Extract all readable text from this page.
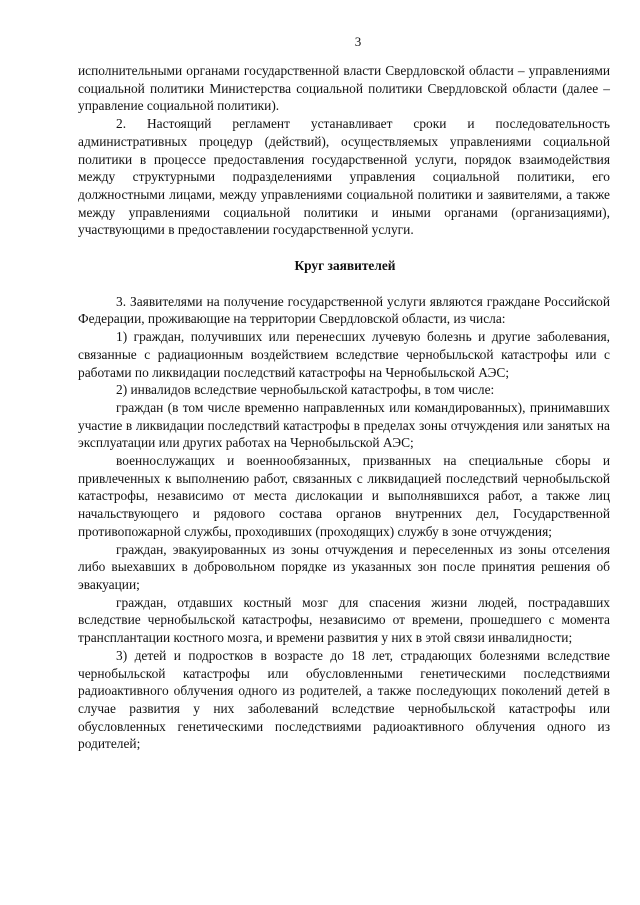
3

исполнительными органами государственной власти Свердловской области – управлениями социальной политики Министерства социальной политики Свердловской области (далее – управление социальной политики).

2. Настоящий регламент устанавливает сроки и последовательность административных процедур (действий), осуществляемых управлениями социальной политики в процессе предоставления государственной услуги, порядок взаимодействия между структурными подразделениями управления социальной политики, его должностными лицами, между управлениями социальной политики и заявителями, а также между управлениями социальной политики и иными органами (организациями), участвующими в предоставлении государственной услуги.

Круг заявителей

3. Заявителями на получение государственной услуги являются граждане Российской Федерации, проживающие на территории Свердловской области, из числа:

1) граждан, получивших или перенесших лучевую болезнь и другие заболевания, связанные с радиационным воздействием вследствие чернобыльской катастрофы или с работами по ликвидации последствий катастрофы на Чернобыльской АЭС;

2) инвалидов вследствие чернобыльской катастрофы, в том числе:

граждан (в том числе временно направленных или командированных), принимавших участие в ликвидации последствий катастрофы в пределах зоны отчуждения или занятых на эксплуатации или других работах на Чернобыльской АЭС;

военнослужащих и военнообязанных, призванных на специальные сборы и привлеченных к выполнению работ, связанных с ликвидацией последствий чернобыльской катастрофы, независимо от места дислокации и выполнявшихся работ, а также лиц начальствующего и рядового состава органов внутренних дел, Государственной противопожарной службы, проходивших (проходящих) службу в зоне отчуждения;

граждан, эвакуированных из зоны отчуждения и переселенных из зоны отселения либо выехавших в добровольном порядке из указанных зон после принятия решения об эвакуации;

граждан, отдавших костный мозг для спасения жизни людей, пострадавших вследствие чернобыльской катастрофы, независимо от времени, прошедшего с момента трансплантации костного мозга, и времени развития у них в этой связи инвалидности;

3) детей и подростков в возрасте до 18 лет, страдающих болезнями вследствие чернобыльской катастрофы или обусловленными генетическими последствиями радиоактивного облучения одного из родителей, а также последующих поколений детей в случае развития у них заболеваний вследствие чернобыльской катастрофы или обусловленных генетическими последствиями радиоактивного облучения одного из родителей;
